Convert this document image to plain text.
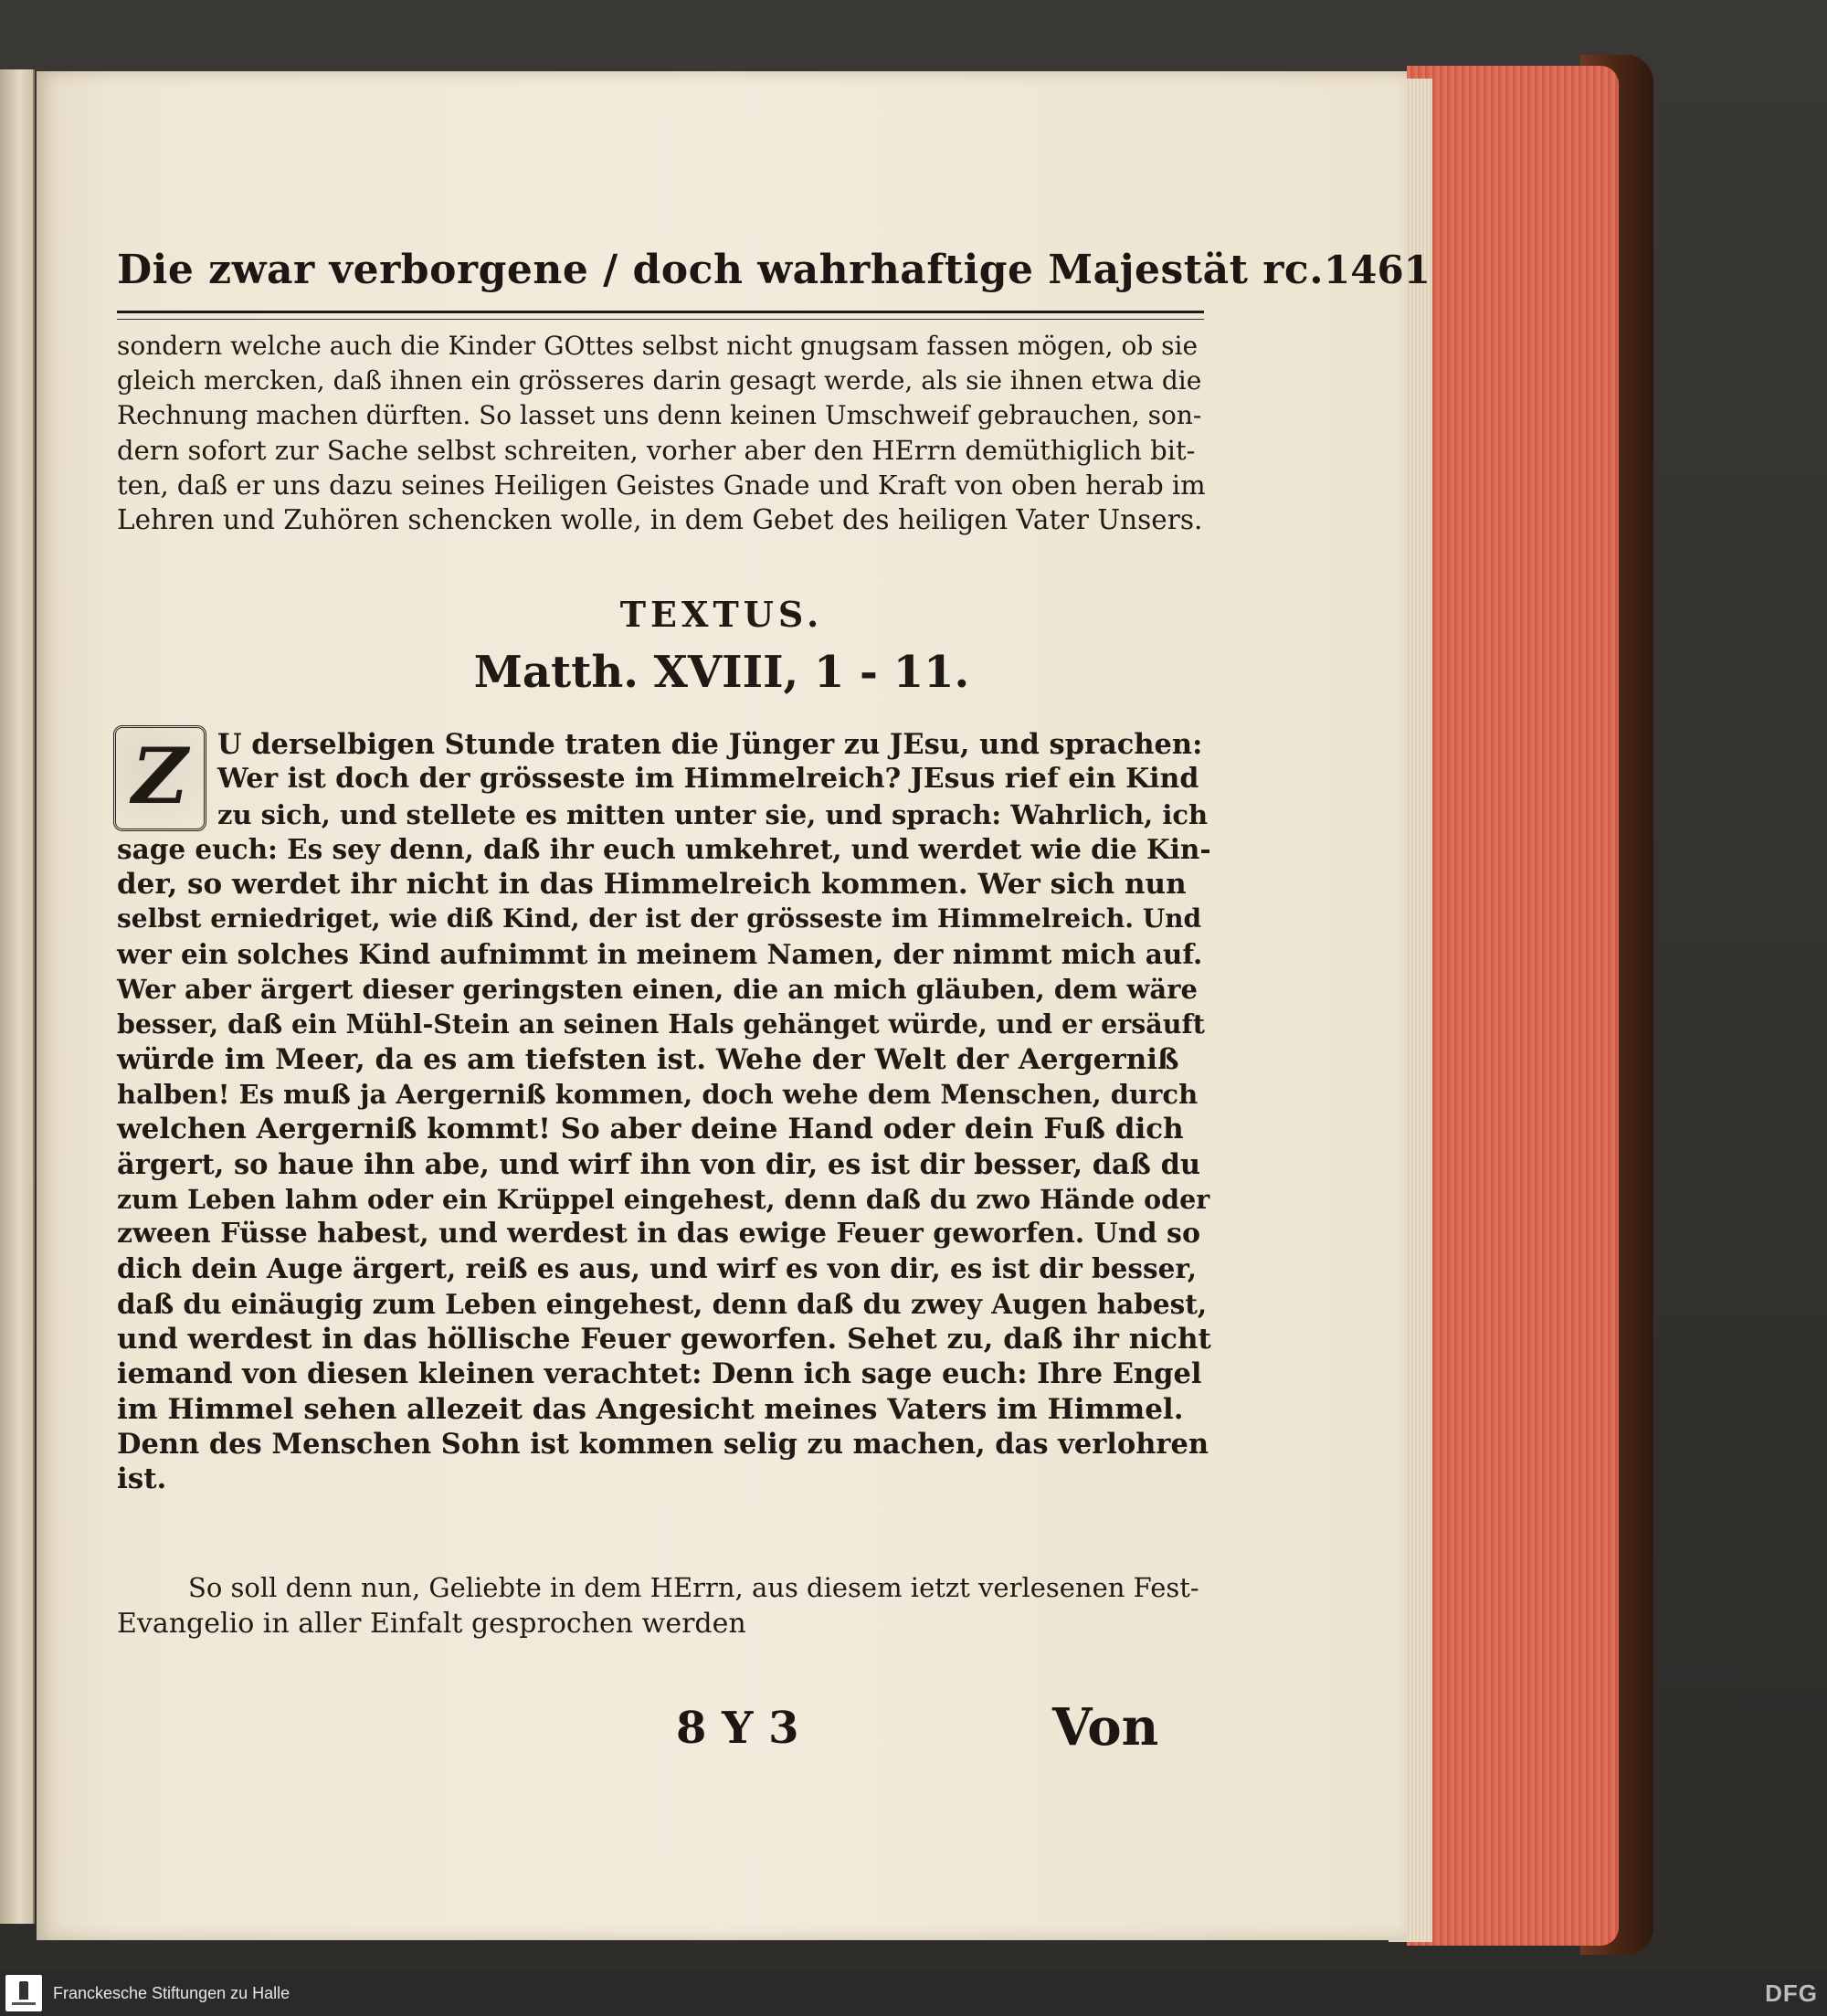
Die zwar verborgene / doch wahrhaftige Majestät rc. 1461
sondern welche auch die Kinder GOttes selbst nicht gnugsam fassen mögen, ob sie
gleich mercken, daß ihnen ein grösseres darin gesagt werde, als sie ihnen etwa die
Rechnung machen dürften. So lasset uns denn keinen Umschweif gebrauchen, son-
dern sofort zur Sache selbst schreiten, vorher aber den HErrn demüthiglich bit-
ten, daß er uns dazu seines Heiligen Geistes Gnade und Kraft von oben herab im
Lehren und Zuhören schencken wolle, in dem Gebet des heiligen Vater Unsers.
TEXTUS.
Matth. XVIII, 1 - 11.
Z	U derselbigen Stunde traten die Jünger zu JEsu, und sprachen:
Wer ist doch der grösseste im Himmelreich? JEsus rief ein Kind
zu sich, und stellete es mitten unter sie, und sprach: Wahrlich, ich
sage euch: Es sey denn, daß ihr euch umkehret, und werdet wie die Kin-
der, so werdet ihr nicht in das Himmelreich kommen. Wer sich nun
selbst erniedriget, wie diß Kind, der ist der grösseste im Himmelreich. Und
wer ein solches Kind aufnimmt in meinem Namen, der nimmt mich auf.
Wer aber ärgert dieser geringsten einen, die an mich gläuben, dem wäre
besser, daß ein Mühl-Stein an seinen Hals gehänget würde, und er ersäuft
würde im Meer, da es am tiefsten ist. Wehe der Welt der Aergerniß
halben! Es muß ja Aergerniß kommen, doch wehe dem Menschen, durch
welchen Aergerniß kommt! So aber deine Hand oder dein Fuß dich
ärgert, so haue ihn abe, und wirf ihn von dir, es ist dir besser, daß du
zum Leben lahm oder ein Krüppel eingehest, denn daß du zwo Hände oder
zween Füsse habest, und werdest in das ewige Feuer geworfen. Und so
dich dein Auge ärgert, reiß es aus, und wirf es von dir, es ist dir besser,
daß du einäugig zum Leben eingehest, denn daß du zwey Augen habest,
und werdest in das höllische Feuer geworfen. Sehet zu, daß ihr nicht
iemand von diesen kleinen verachtet: Denn ich sage euch: Ihre Engel
im Himmel sehen allezeit das Angesicht meines Vaters im Himmel.
Denn des Menschen Sohn ist kommen selig zu machen, das verlohren
ist.
So soll denn nun, Geliebte in dem HErrn, aus diesem ietzt verlesenen Fest-
Evangelio in aller Einfalt gesprochen werden
8 Y 3	Von
Franckesche Stiftungen zu Halle	DFG
